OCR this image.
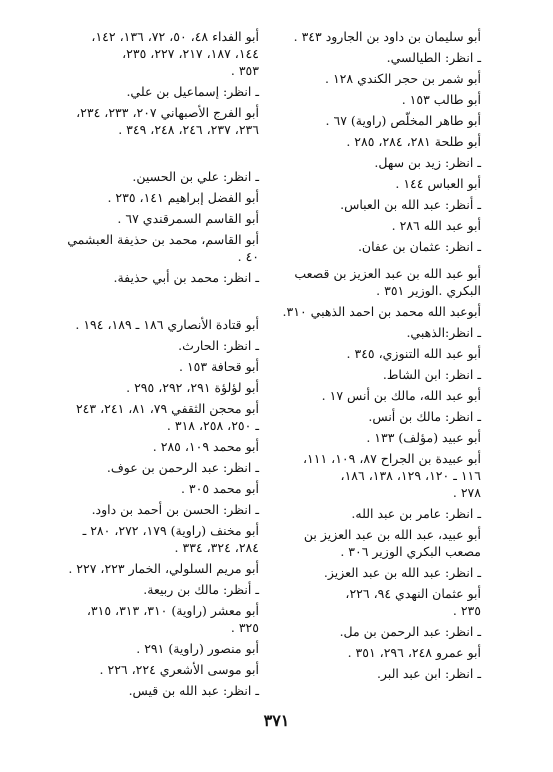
أبو سليمان بن داود بن الجارود ٣٤٣ .
ـ انظر: الطيالسي.
أبو شمر بن حجر الكندي ١٢٨ .
أبو طالب ١٥٣ .
أبو طاهر المخلّص (راوية) ٦٧ .
أبو طلحة ٢٨١، ٢٨٤، ٢٨٥ .
ـ انظر: زيد بن سهل.
أبو العباس ١٤٤ .
ـ أنظر: عبد الله بن العباس.
أبو عبد الله ٢٨٦ .
ـ انظر: عثمان بن عفان.
أبو عبد الله بن عبد العزيز بن قصعب
البكري .الوزير ٣٥١ .
أبوعبد الله محمد بن احمد الذهبي ٣١٠.
ـ انظر:الذهبي.
أبو عبد الله التنوزي، ٣٤٥ .
ـ انظر: ابن الشاط.
أبو عبد الله، مالك بن أنس ١٧ .
ـ انظر: مالك بن أنس.
أبو عبيد (مؤلف) ١٣٣ .
أبو عبيدة بن الجراح ٨٧، ١٠٩، ١١١،
١١٦ ـ ١٢٠، ١٢٩، ١٣٨، ١٨٦،
٢٧٨ .
ـ انظر: عامر بن عبد الله.
أبو عبيد، عبد الله بن عبد العزيز بن
مصعب البكري الوزير ٣٠٦ .
ـ انظر: عبد الله بن عبد العزيز.
أبو عثمان النهدي ٩٤، ٢٢٦،
٢٣٥ .
ـ انظر: عبد الرحمن بن مل.
أبو عمرو ٢٤٨، ٢٩٦، ٣٥١ .
ـ انظر: ابن عبد البر.
أبو الفداء ٤٨، ٥٠، ٧٢، ١٣٦، ١٤٢،
١٤٤، ١٨٧، ٢١٧، ٢٢٧، ٢٣٥،
٣٥٣ .
ـ انظر: إسماعيل بن علي.
أبو الفرج الأصبهاني ٢٠٧، ٢٣٣، ٢٣٤،
٢٣٦، ٢٣٧، ٢٤٦، ٢٤٨، ٣٤٩ .
ـ انظر: علي بن الحسين.
أبو الفضل إبراهيم ١٤١، ٢٣٥ .
أبو القاسم السمرقندي ٦٧ .
أبو القاسم، محمد بن حذيفة العبشمي
٤٠ .
ـ انظر: محمد بن أبي حذيفة.
أبو قتادة الأنصاري ١٨٦ ـ ١٨٩، ١٩٤ .
ـ انظر: الحارث.
أبو قحافة ١٥٣ .
أبو لؤلؤة ٢٩١، ٢٩٢، ٢٩٥ .
أبو محجن الثقفي ٧٩، ٨١، ٢٤١، ٢٤٣
ـ ٢٥٠، ٢٥٨، ٣١٨ .
أبو محمد ١٠٩، ٢٨٥ .
ـ انظر: عبد الرحمن بن عوف.
أبو محمد ٣٠٥ .
ـ انظر: الحسن بن أحمد بن داود.
أبو مخنف (راوية) ١٧٩، ٢٧٢، ٢٨٠ ـ
٢٨٤، ٣٢٤، ٣٣٤ .
أبو مريم السلولي، الخمار ٢٢٣، ٢٢٧ .
ـ أنظر: مالك بن ربيعة.
أبو معشر (راوية) ٣١٠، ٣١٣، ٣١٥،
٣٢٥ .
أبو منصور (راوية) ٢٩١ .
أبو موسى الأشعري ٢٢٤، ٢٢٦ .
ـ انظر: عبد الله بن قيس.
٣٧١
